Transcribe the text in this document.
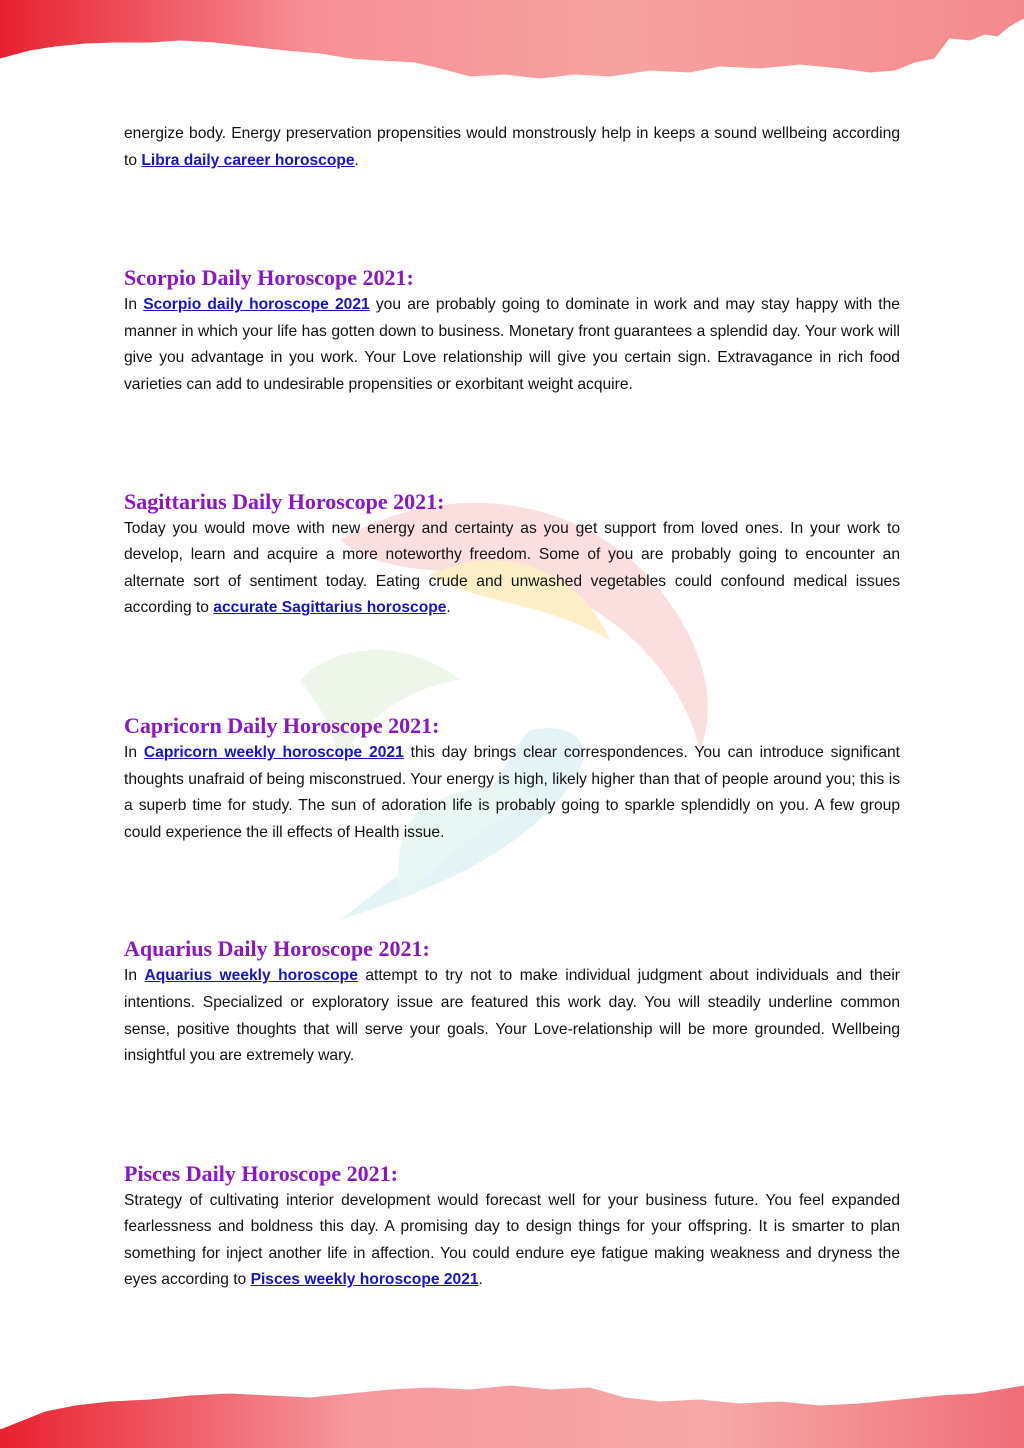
energize body. Energy preservation propensities would monstrously help in keeps a sound wellbeing according to Libra daily career horoscope.

Scorpio Daily Horoscope 2021:

In Scorpio daily horoscope 2021 you are probably going to dominate in work and may stay happy with the manner in which your life has gotten down to business. Monetary front guarantees a splendid day. Your work will give you advantage in you work. Your Love relationship will give you certain sign. Extravagance in rich food varieties can add to undesirable propensities or exorbitant weight acquire.

Sagittarius Daily Horoscope 2021:

Today you would move with new energy and certainty as you get support from loved ones. In your work to develop, learn and acquire a more noteworthy freedom. Some of you are probably going to encounter an alternate sort of sentiment today. Eating crude and unwashed vegetables could confound medical issues according to accurate Sagittarius horoscope.

Capricorn Daily Horoscope 2021:

In Capricorn weekly horoscope 2021 this day brings clear correspondences. You can introduce significant thoughts unafraid of being misconstrued. Your energy is high, likely higher than that of people around you; this is a superb time for study. The sun of adoration life is probably going to sparkle splendidly on you. A few group could experience the ill effects of Health issue.

Aquarius Daily Horoscope 2021:

In Aquarius weekly horoscope attempt to try not to make individual judgment about individuals and their intentions. Specialized or exploratory issue are featured this work day. You will steadily underline common sense, positive thoughts that will serve your goals. Your Love-relationship will be more grounded. Wellbeing insightful you are extremely wary.

Pisces Daily Horoscope 2021:

Strategy of cultivating interior development would forecast well for your business future. You feel expanded fearlessness and boldness this day. A promising day to design things for your offspring. It is smarter to plan something for inject another life in affection. You could endure eye fatigue making weakness and dryness the eyes according to Pisces weekly horoscope 2021.
